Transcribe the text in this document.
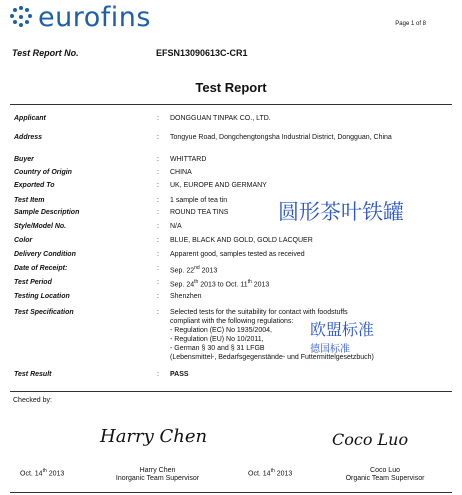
eurofins	Page 1 of 8
Test Report No.	EFSN13090613C-CR1
Test Report
Applicant	: DONGGUAN TINPAK CO., LTD.
Address	: Tongyue Road, Dongchengtongsha Industrial District, Dongguan, China
Buyer	: WHITTARD
Country of Origin	: CHINA
Exported To	: UK, EUROPE AND GERMANY
Test Item	: 1 sample of tea tin
Sample Description	: ROUND TEA TINS
Style/Model No.	: N/A
Color	: BLUE, BLACK AND GOLD, GOLD LACQUER
Delivery Condition	: Apparent good, samples tested as received
Date of Receipt:	: Sep. 22nd 2013
Test Period	: Sep. 24th 2013 to Oct. 11th 2013
Testing Location	: Shenzhen
Test Specification	: Selected tests for the suitability for contact with foodstuffs
compliant with the following regulations:
- Regulation (EC) No 1935/2004,
- Regulation (EU) No 10/2011,
- German § 30 and § 31 LFGB
(Lebensmittel-, Bedarfsgegenstände- und Futtermittelgesetzbuch)
Test Result	: PASS
圆形茶叶铁罐
欧盟标准
德国标准
Checked by:
Harry Chen	Coco Luo
Oct. 14th 2013	Harry Chen
Inorganic Team Supervisor
Oct. 14th 2013	Coco Luo
Organic Team Supervisor
